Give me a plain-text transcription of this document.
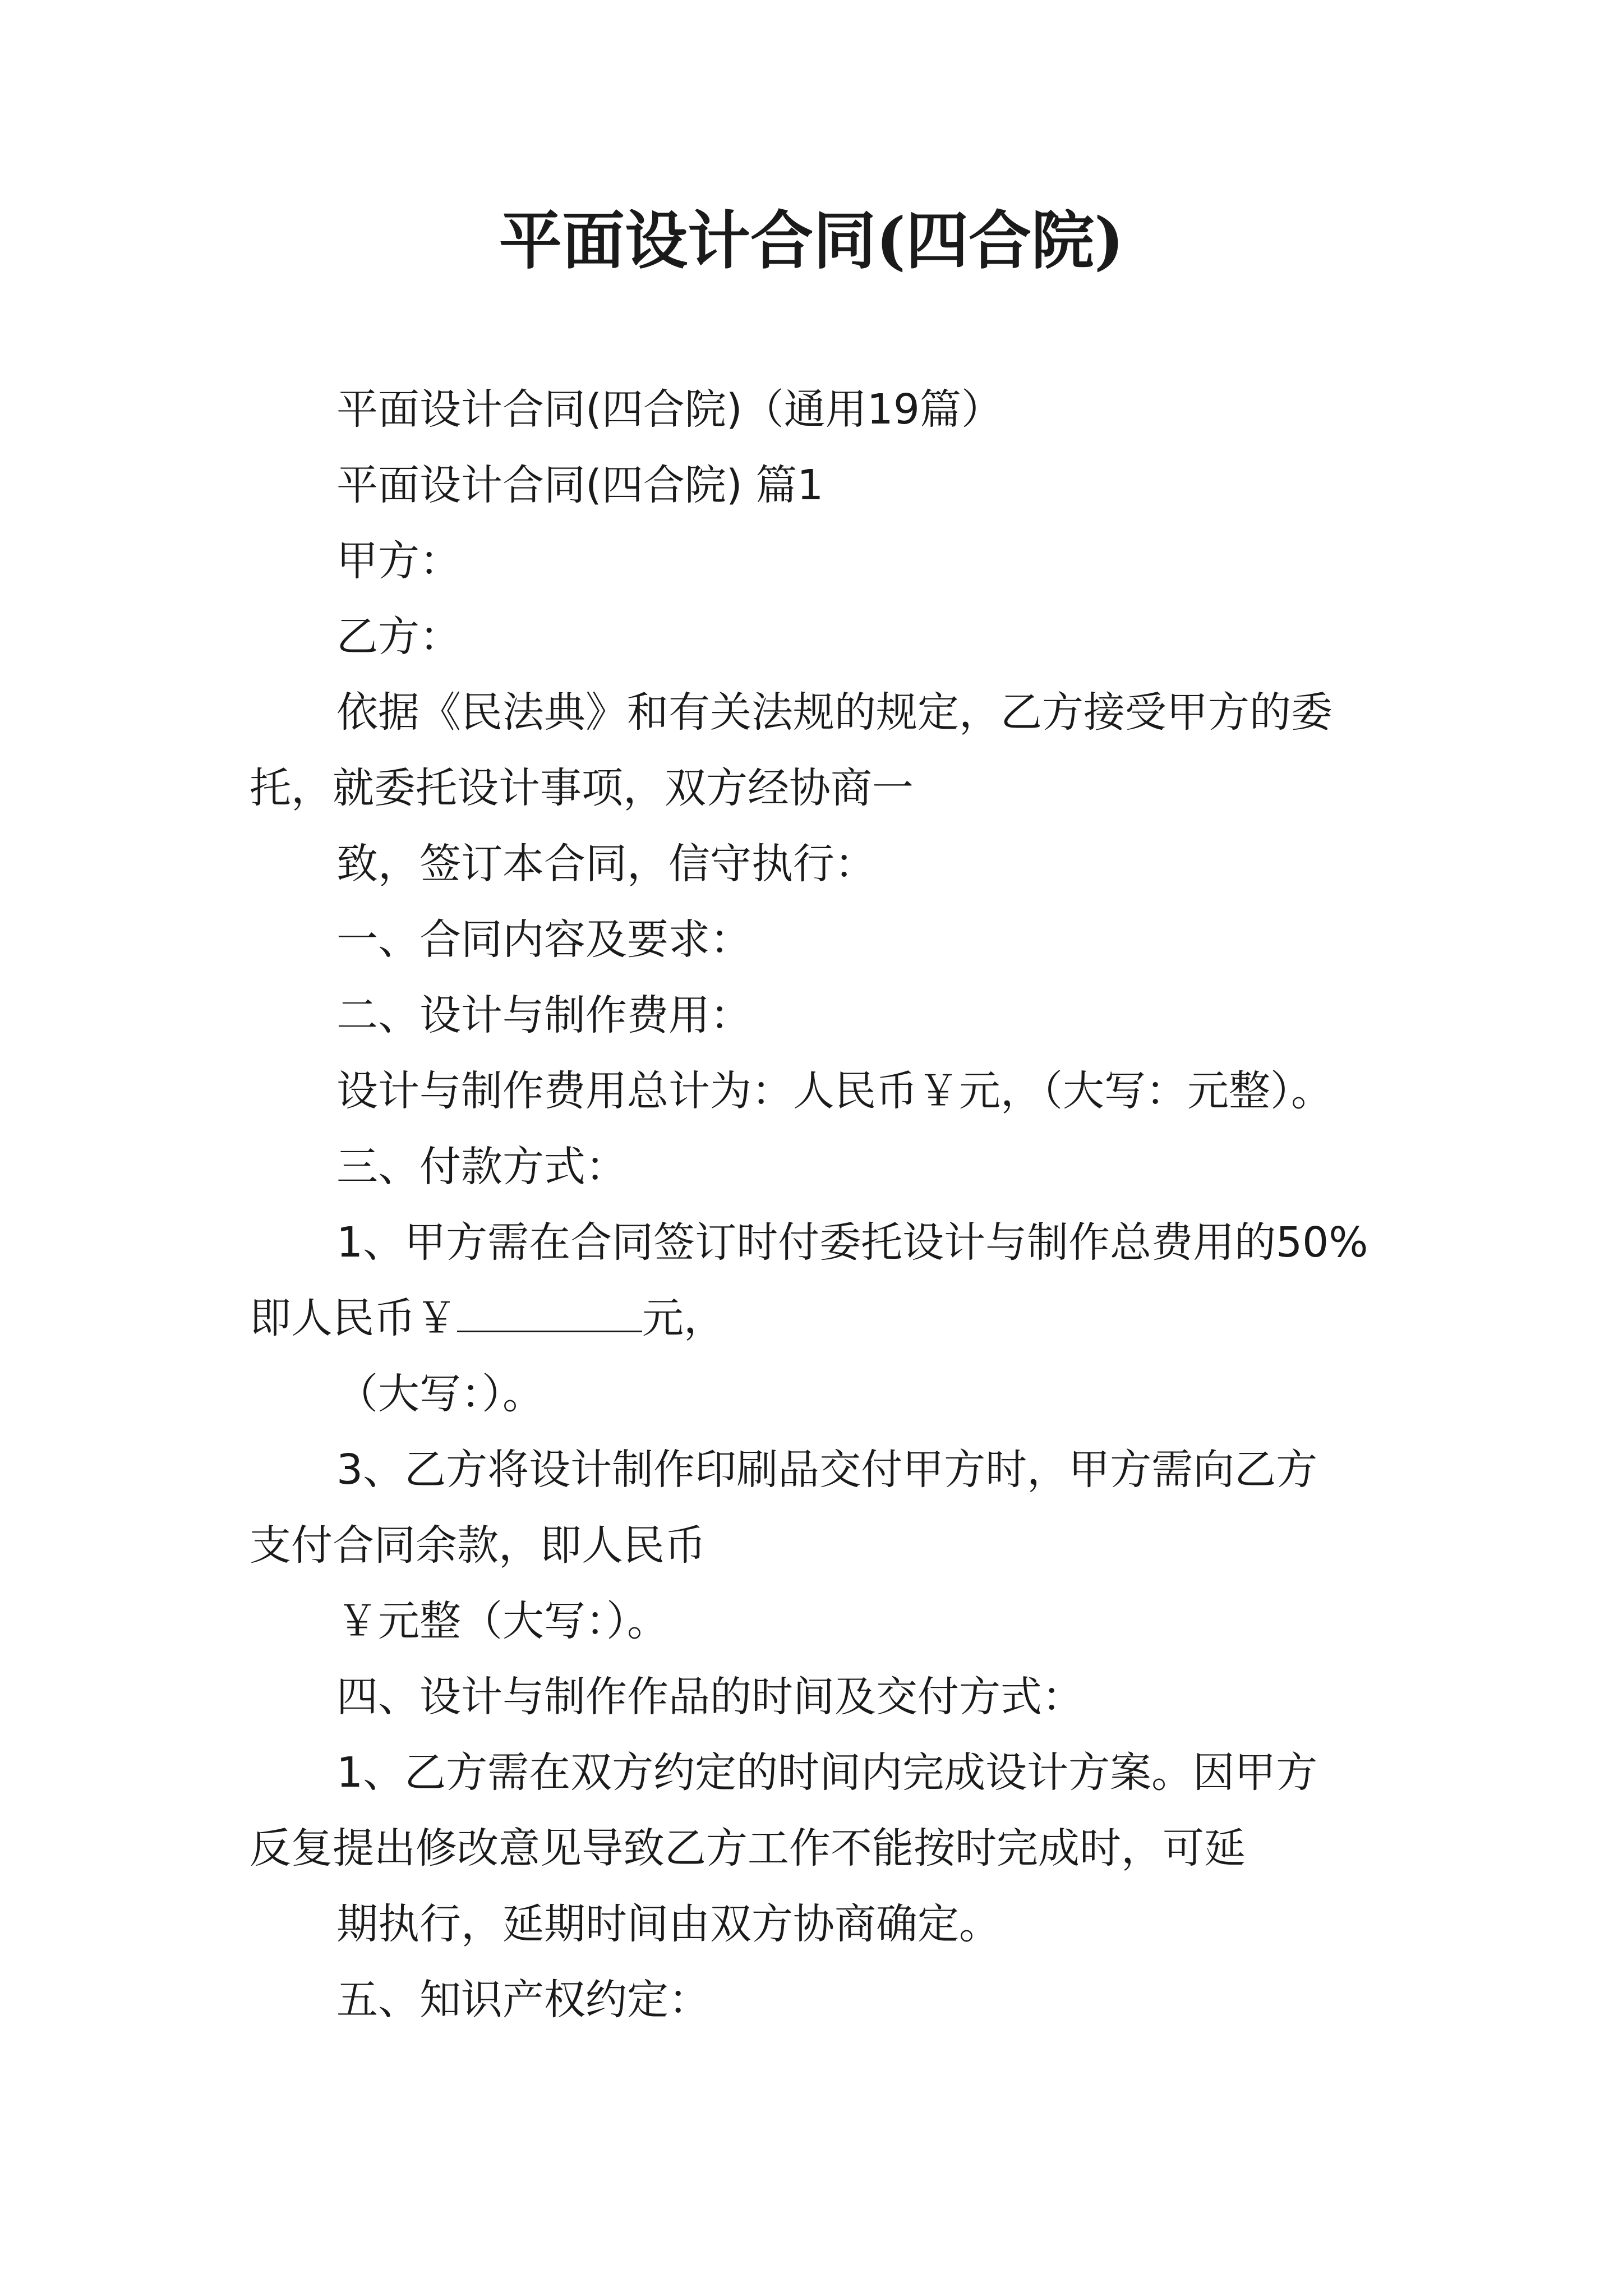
平面设计合同(四合院)
平面设计合同(四合院)（通用19篇）
平面设计合同(四合院) 篇1
甲方：
乙方：
依据《民法典》和有关法规的规定，乙方接受甲方的委
托，就委托设计事项，双方经协商一
致，签订本合同，信守执行：
一、合同内容及要求：
二、设计与制作费用：
设计与制作费用总计为：人民币￥元，（大写：元整）。
三、付款方式：
1、甲方需在合同签订时付委托设计与制作总费用的50%
即人民币￥	元，
（大写：）。
3、乙方将设计制作印刷品交付甲方时，甲方需向乙方
支付合同余款，即人民币
￥元整（大写：）。
四、设计与制作作品的时间及交付方式：
1、乙方需在双方约定的时间内完成设计方案。因甲方
反复提出修改意见导致乙方工作不能按时完成时，可延
期执行，延期时间由双方协商确定。
五、知识产权约定：
